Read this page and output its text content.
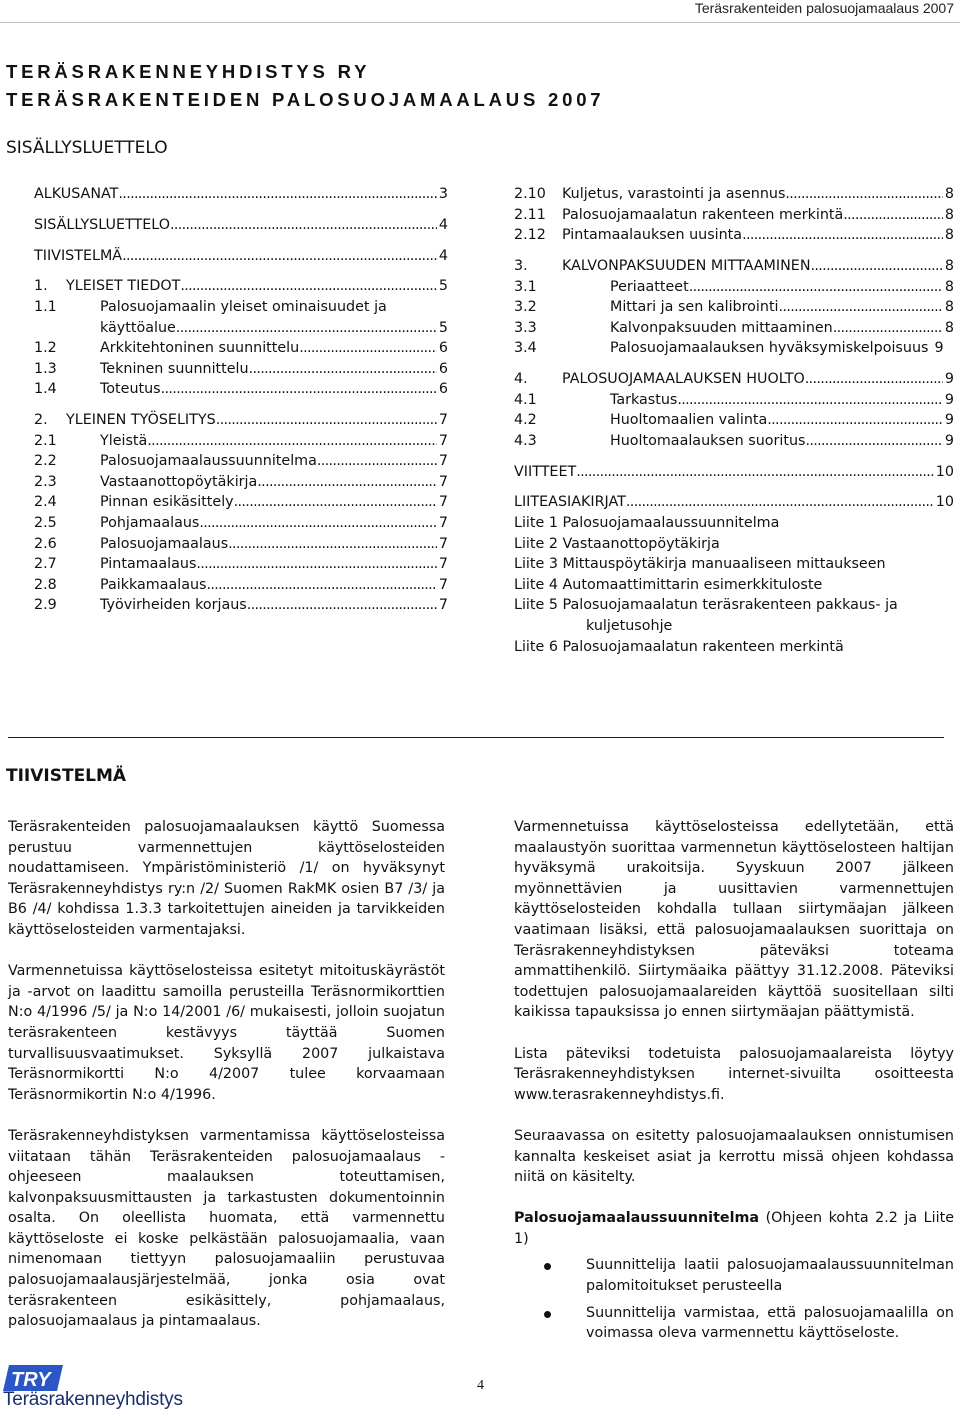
Teräsrakenteiden palosuojamaalaus 2007
TERÄSRAKENNEYHDISTYS RY
TERÄSRAKENTEIDEN PALOSUOJAMAALAUS 2007
SISÄLLYSLUETTELO
ALKUSANAT . . .	3
SISÄLLYSLUETTELO . . .	4
TIIVISTELMÄ . . .	4
1. YLEISET TIEDOT . . .	5
1.1	Palosuojamaalin yleiset ominaisuudet ja
käyttöalue . . .	5
1.2	Arkkitehtoninen suunnittelu . . .	6
1.3	Tekninen suunnittelu . . .	6
1.4	Toteutus . . .	6
2. YLEINEN TYÖSELITYS . . .	7
2.1	Yleistä . . .	7
2.2	Palosuojamaalaussuunnitelma . . .	7
2.3	Vastaanottopöytäkirja . . .	7
2.4	Pinnan esikäsittely . . .	7
2.5	Pohjamaalaus . . .	7
2.6	Palosuojamaalaus . . .	7
2.7	Pintamaalaus . . .	7
2.8	Paikkamaalaus . . .	7
2.9	Työvirheiden korjaus . . .	7
2.10 Kuljetus, varastointi ja asennus . . .	8
2.11 Palosuojamaalatun rakenteen merkintä . . .	8
2.12 Pintamaalauksen uusinta . . .	8
3. KALVONPAKSUUDEN MITTAAMINEN . . .	8
3.1	Periaatteet . . .	8
3.2	Mittari ja sen kalibrointi . . .	8
3.3	Kalvonpaksuuden mittaaminen . . .	8
3.4	Palosuojamaalauksen hyväksymiskelpoisuus 9
4. PALOSUOJAMAALAUKSEN HUOLTO . . .	9
4.1	Tarkastus . . .	9
4.2	Huoltomaalien valinta . . .	9
4.3	Huoltomaalauksen suoritus . . .	9
VIITTEET . . .	10
LIITEASIAKIRJAT . . .	10
Liite 1 Palosuojamaalaussuunnitelma
Liite 2 Vastaanottopöytäkirja
Liite 3 Mittauspöytäkirja manuaaliseen mittaukseen
Liite 4 Automaattimittarin esimerkkituloste
Liite 5 Palosuojamaalatun teräsrakenteen pakkaus- ja
kuljetusohje
Liite 6 Palosuojamaalatun rakenteen merkintä
TIIVISTELMÄ

Teräsrakenteiden palosuojamaalauksen käyttö Suomessa perustuu varmennettujen käyttöselosteiden noudattamiseen. Ympäristöministeriö /1/ on hyväksynyt Teräsrakenneyhdistys ry:n /2/ Suomen RakMK osien B7 /3/ ja B6 /4/ kohdissa 1.3.3 tarkoitettujen aineiden ja tarvikkeiden käyttöselosteiden varmentajaksi.

Varmennetuissa käyttöselosteissa esitetyt mitoituskäyrästöt ja -arvot on laadittu samoilla perusteilla Teräsnormikorttien N:o 4/1996 /5/ ja N:o 14/2001 /6/ mukaisesti, jolloin suojatun teräsrakenteen kestävyys täyttää Suomen turvallisuusvaatimukset. Syksyllä 2007 julkaistava Teräsnormikortti N:o 4/2007 tulee korvaamaan Teräsnormikortin N:o 4/1996.

Teräsrakenneyhdistyksen varmentamissa käyttöselosteissa viitataan tähän Teräsrakenteiden palosuojamaalaus - ohjeeseen maalauksen toteuttamisen, kalvonpaksuusmittausten ja tarkastusten dokumentoinnin osalta. On oleellista huomata, että varmennettu käyttöseloste ei koske pelkästään palosuojamaalia, vaan nimenomaan tiettyyn palosuojamaaliin perustuvaa palosuojamaalausjärjestelmää, jonka osia ovat teräsrakenteen esikäsittely, pohjamaalaus, palosuojamaalaus ja pintamaalaus.

Varmennetuissa käyttöselosteissa edellytetään, että maalaustyön suorittaa varmennetun käyttöselosteen haltijan hyväksymä urakoitsija. Syyskuun 2007 jälkeen myönnettävien ja uusittavien varmennettujen käyttöselosteiden kohdalla tullaan siirtymäajan jälkeen vaatimaan lisäksi, että palosuojamaalauksen suorittaja on Teräsrakenneyhdistyksen päteväksi toteama ammattihenkilö. Siirtymäaika päättyy 31.12.2008. Päteviksi todettujen palosuojamaalareiden käyttöä suositellaan silti kaikissa tapauksissa jo ennen siirtymäajan päättymistä.

Lista päteviksi todetuista palosuojamaalareista löytyy Teräsrakenneyhdistyksen internet-sivuilta osoitteesta www.terasrakenneyhdistys.fi.

Seuraavassa on esitetty palosuojamaalauksen onnistumisen kannalta keskeiset asiat ja kerrottu missä ohjeen kohdassa niitä on käsitelty.

Palosuojamaalaussuunnitelma (Ohjeen kohta 2.2 ja Liite 1)

Suunnittelija laatii palosuojamaalaussuunnitelman palomitoitukset perusteella
Suunnittelija varmistaa, että palosuojamaalilla on voimassa oleva varmennettu käyttöseloste.
TRY
Teräsrakenneyhdistys
4
